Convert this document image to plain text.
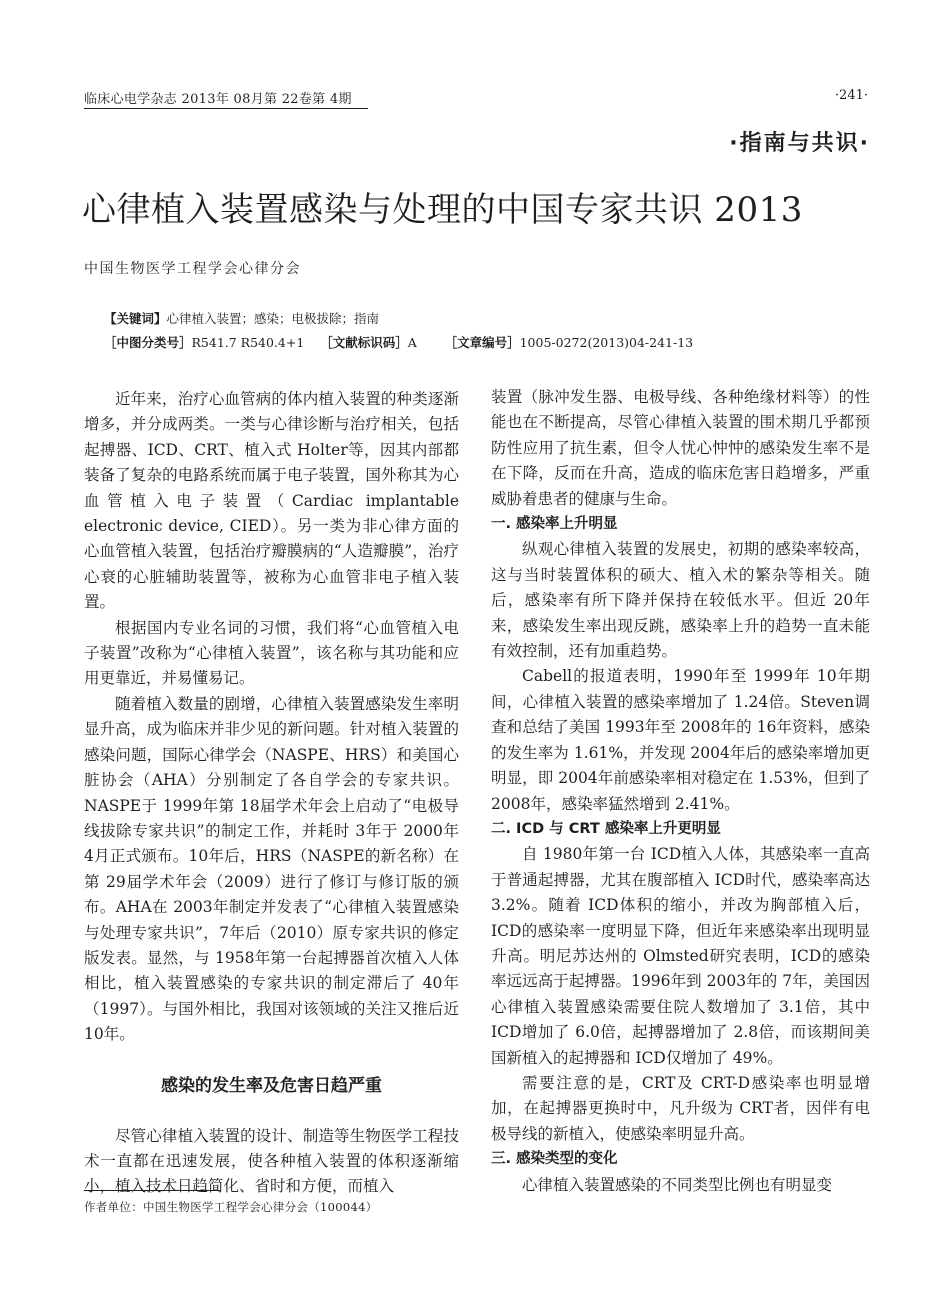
临床心电学杂志 2013年 08月第 22卷第 4期	·241·
·指南与共识·
心律植入装置感染与处理的中国专家共识 2013
中国生物医学工程学会心律分会
【关键词】心律植入装置；感染；电极拔除；指南
［中图分类号］R541.7 R540.4+1 ［文献标识码］A ［文章编号］1005-0272(2013)04-241-13

近年来，治疗心血管病的体内植入装置的种类逐渐增多，并分成两类。一类与心律诊断与治疗相关，包括起搏器、ICD、CRT、植入式 Holter等，因其内部都装备了复杂的电路系统而属于电子装置，国外称其为心血管植入电子装置（Cardiac implantable electronic device, CIED）。另一类为非心律方面的心血管植入装置，包括治疗瓣膜病的“人造瓣膜”，治疗心衰的心脏辅助装置等，被称为心血管非电子植入装置。

根据国内专业名词的习惯，我们将“心血管植入电子装置”改称为“心律植入装置”，该名称与其功能和应用更靠近，并易懂易记。

随着植入数量的剧增，心律植入装置感染发生率明显升高，成为临床并非少见的新问题。针对植入装置的感染问题，国际心律学会（NASPE、HRS）和美国心脏协会（AHA）分别制定了各自学会的专家共识。NASPE于 1999年第 18届学术年会上启动了“电极导线拔除专家共识”的制定工作，并耗时 3年于 2000年 4月正式颁布。10年后，HRS（NASPE的新名称）在第 29届学术年会（2009）进行了修订与修订版的颁布。AHA在 2003年制定并发表了“心律植入装置感染与处理专家共识”，7年后（2010）原专家共识的修定版发表。显然，与 1958年第一台起搏器首次植入人体相比，植入装置感染的专家共识的制定滞后了 40年（1997）。与国外相比，我国对该领域的关注又推后近 10年。

感染的发生率及危害日趋严重

尽管心律植入装置的设计、制造等生物医学工程技术一直都在迅速发展，使各种植入装置的体积逐渐缩小，植入技术日趋简化、省时和方便，而植入

装置（脉冲发生器、电极导线、各种绝缘材料等）的性能也在不断提高，尽管心律植入装置的围术期几乎都预防性应用了抗生素，但令人忧心忡忡的感染发生率不是在下降，反而在升高，造成的临床危害日趋增多，严重威胁着患者的健康与生命。

一. 感染率上升明显

纵观心律植入装置的发展史，初期的感染率较高，这与当时装置体积的硕大、植入术的繁杂等相关。随后，感染率有所下降并保持在较低水平。但近 20年来，感染发生率出现反跳，感染率上升的趋势一直未能有效控制，还有加重趋势。

Cabell的报道表明，1990年至 1999年 10年期间，心律植入装置的感染率增加了 1.24倍。Steven调查和总结了美国 1993年至 2008年的 16年资料，感染的发生率为 1.61%，并发现 2004年后的感染率增加更明显，即 2004年前感染率相对稳定在 1.53%，但到了 2008年，感染率猛然增到 2.41%。

二. ICD 与 CRT 感染率上升更明显

自 1980年第一台 ICD植入人体，其感染率一直高于普通起搏器，尤其在腹部植入 ICD时代，感染率高达 3.2%。随着 ICD体积的缩小，并改为胸部植入后，ICD的感染率一度明显下降，但近年来感染率出现明显升高。明尼苏达州的 Olmsted研究表明，ICD的感染率远远高于起搏器。1996年到 2003年的 7年，美国因心律植入装置感染需要住院人数增加了 3.1倍，其中 ICD增加了 6.0倍，起搏器增加了 2.8倍，而该期间美国新植入的起搏器和 ICD仅增加了 49%。

需要注意的是，CRT及 CRT-D感染率也明显增加，在起搏器更换时中，凡升级为 CRT者，因伴有电极导线的新植入，使感染率明显升高。

三. 感染类型的变化

心律植入装置感染的不同类型比例也有明显变

作者单位：中国生物医学工程学会心律分会（100044）
